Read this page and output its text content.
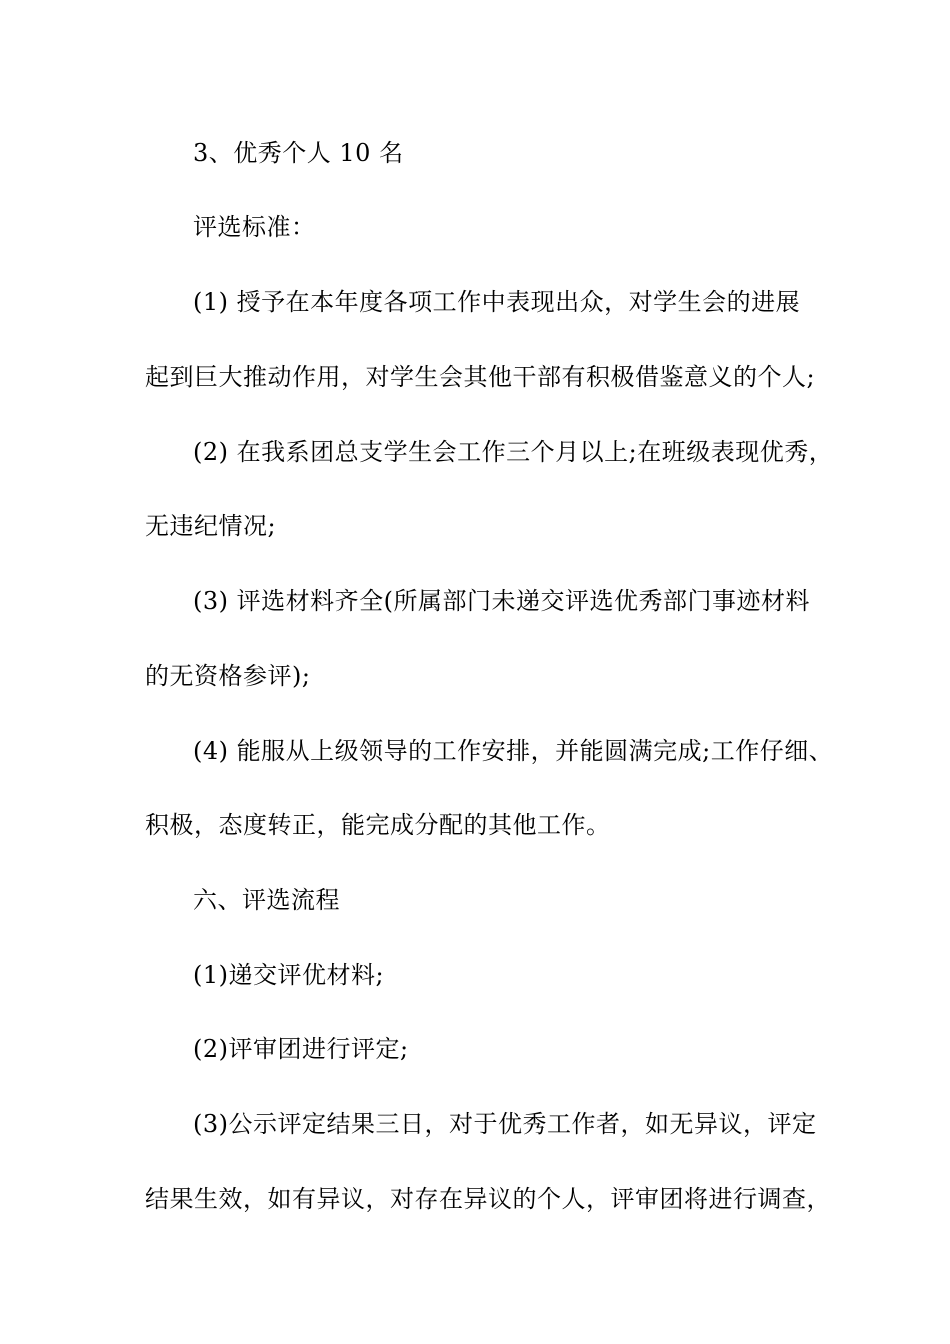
3、优秀个人 10 名
评选标准：
(1) 授予在本年度各项工作中表现出众，对学生会的进展
起到巨大推动作用，对学生会其他干部有积极借鉴意义的个人;
(2) 在我系团总支学生会工作三个月以上;在班级表现优秀，
无违纪情况;
(3) 评选材料齐全(所属部门未递交评选优秀部门事迹材料
的无资格参评);
(4) 能服从上级领导的工作安排，并能圆满完成;工作仔细、
积极，态度转正，能完成分配的其他工作。
六、评选流程
(1)递交评优材料;
(2)评审团进行评定;
(3)公示评定结果三日，对于优秀工作者，如无异议，评定
结果生效，如有异议，对存在异议的个人，评审团将进行调查，
